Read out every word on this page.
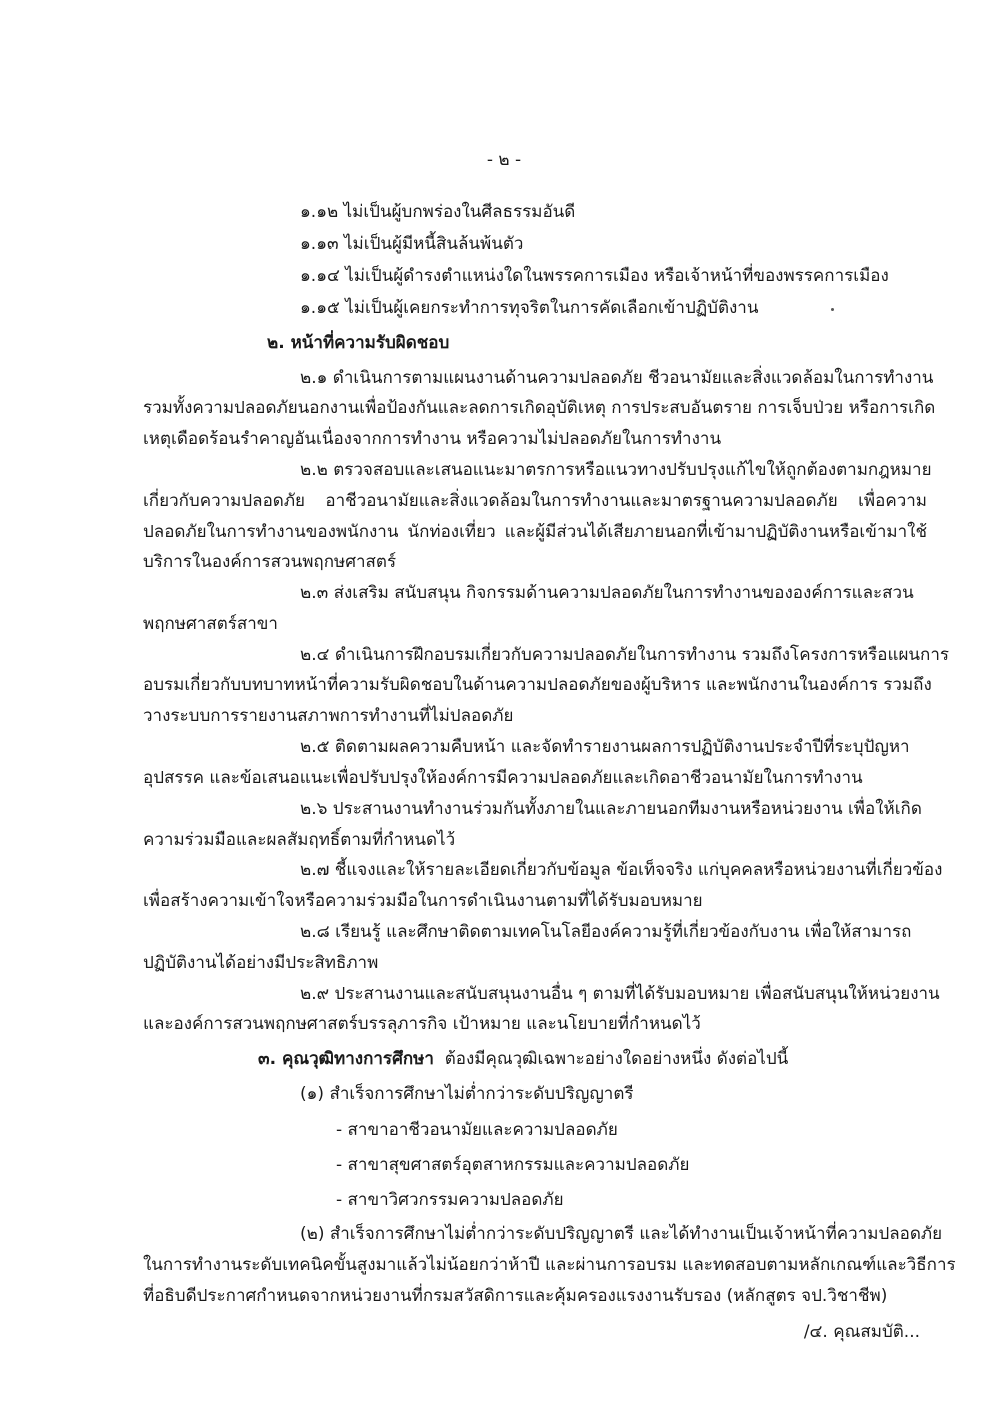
- ๒ -
๑.๑๒ ไม่เป็นผู้บกพร่องในศีลธรรมอันดี
๑.๑๓ ไม่เป็นผู้มีหนี้สินล้นพ้นตัว
๑.๑๔ ไม่เป็นผู้ดำรงตำแหน่งใดในพรรคการเมือง หรือเจ้าหน้าที่ของพรรคการเมือง
๑.๑๕ ไม่เป็นผู้เคยกระทำการทุจริตในการคัดเลือกเข้าปฏิบัติงาน
๒. หน้าที่ความรับผิดชอบ
๒.๑ ดำเนินการตามแผนงานด้านความปลอดภัย ชีวอนามัยและสิ่งแวดล้อมในการทำงาน
รวมทั้งความปลอดภัยนอกงานเพื่อป้องกันและลดการเกิดอุบัติเหตุ การประสบอันตราย การเจ็บป่วย หรือการเกิด
เหตุเดือดร้อนรำคาญอันเนื่องจากการทำงาน หรือความไม่ปลอดภัยในการทำงาน
๒.๒ ตรวจสอบและเสนอแนะมาตรการหรือแนวทางปรับปรุงแก้ไขให้ถูกต้องตามกฎหมาย
เกี่ยวกับความปลอดภัย อาชีวอนามัยและสิ่งแวดล้อมในการทำงานและมาตรฐานความปลอดภัย เพื่อความ
ปลอดภัยในการทำงานของพนักงาน นักท่องเที่ยว และผู้มีส่วนได้เสียภายนอกที่เข้ามาปฏิบัติงานหรือเข้ามาใช้
บริการในองค์การสวนพฤกษศาสตร์
๒.๓ ส่งเสริม สนับสนุน กิจกรรมด้านความปลอดภัยในการทำงานขององค์การและสวน
พฤกษศาสตร์สาขา
๒.๔ ดำเนินการฝึกอบรมเกี่ยวกับความปลอดภัยในการทำงาน รวมถึงโครงการหรือแผนการ
อบรมเกี่ยวกับบทบาทหน้าที่ความรับผิดชอบในด้านความปลอดภัยของผู้บริหาร และพนักงานในองค์การ รวมถึง
วางระบบการรายงานสภาพการทำงานที่ไม่ปลอดภัย
๒.๕ ติดตามผลความคืบหน้า และจัดทำรายงานผลการปฏิบัติงานประจำปีที่ระบุปัญหา
อุปสรรค และข้อเสนอแนะเพื่อปรับปรุงให้องค์การมีความปลอดภัยและเกิดอาชีวอนามัยในการทำงาน
๒.๖ ประสานงานทำงานร่วมกันทั้งภายในและภายนอกทีมงานหรือหน่วยงาน เพื่อให้เกิด
ความร่วมมือและผลสัมฤทธิ์ตามที่กำหนดไว้
๒.๗ ชี้แจงและให้รายละเอียดเกี่ยวกับข้อมูล ข้อเท็จจริง แก่บุคคลหรือหน่วยงานที่เกี่ยวข้อง
เพื่อสร้างความเข้าใจหรือความร่วมมือในการดำเนินงานตามที่ได้รับมอบหมาย
๒.๘ เรียนรู้ และศึกษาติดตามเทคโนโลยีองค์ความรู้ที่เกี่ยวข้องกับงาน เพื่อให้สามารถ
ปฏิบัติงานได้อย่างมีประสิทธิภาพ
๒.๙ ประสานงานและสนับสนุนงานอื่น ๆ ตามที่ได้รับมอบหมาย เพื่อสนับสนุนให้หน่วยงาน
และองค์การสวนพฤกษศาสตร์บรรลุภารกิจ เป้าหมาย และนโยบายที่กำหนดไว้
๓. คุณวุฒิทางการศึกษา ต้องมีคุณวุฒิเฉพาะอย่างใดอย่างหนึ่ง ดังต่อไปนี้
(๑) สำเร็จการศึกษาไม่ต่ำกว่าระดับปริญญาตรี
- สาขาอาชีวอนามัยและความปลอดภัย
- สาขาสุขศาสตร์อุตสาหกรรมและความปลอดภัย
- สาขาวิศวกรรมความปลอดภัย
(๒) สำเร็จการศึกษาไม่ต่ำกว่าระดับปริญญาตรี และได้ทำงานเป็นเจ้าหน้าที่ความปลอดภัย
ในการทำงานระดับเทคนิคขั้นสูงมาแล้วไม่น้อยกว่าห้าปี และผ่านการอบรม และทดสอบตามหลักเกณฑ์และวิธีการ
ที่อธิบดีประกาศกำหนดจากหน่วยงานที่กรมสวัสดิการและคุ้มครองแรงงานรับรอง (หลักสูตร จป.วิชาชีพ)
/๔. คุณสมบัติ...
